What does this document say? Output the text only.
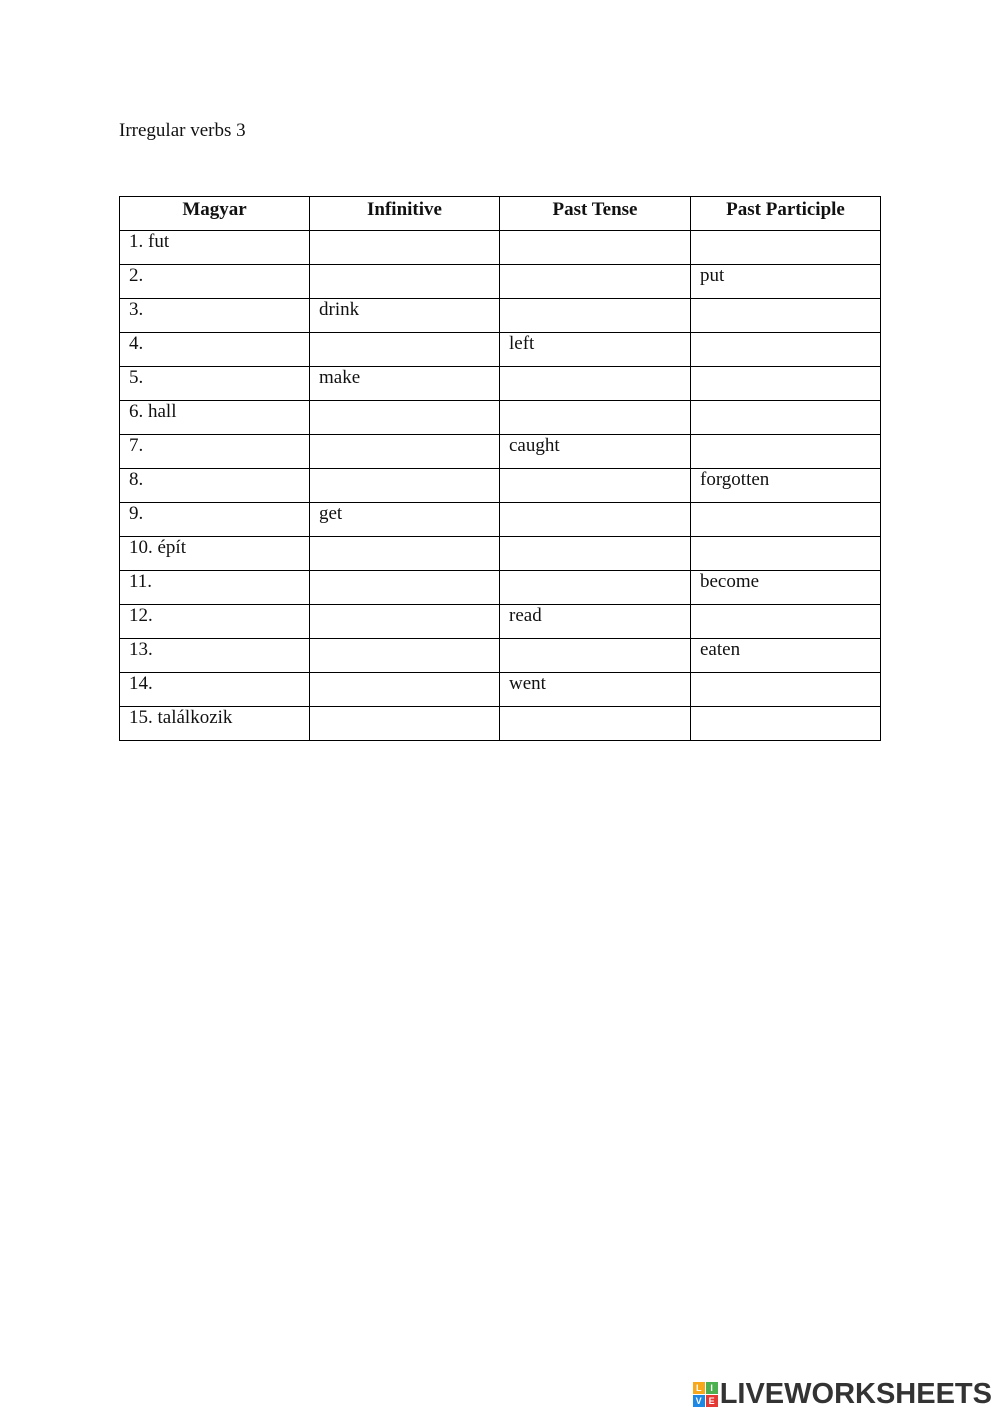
Irregular verbs 3
Magyar	Infinitive	Past Tense	Past Participle
1. fut			
2.			put
3.	drink		
4.		left	
5.	make		
6. hall			
7.		caught	
8.			forgotten
9.	get		
10. épít			
11.			become
12.		read	
13.			eaten
14.		went	
15. találkozik			
L I
V E LIVEWORKSHEETS
